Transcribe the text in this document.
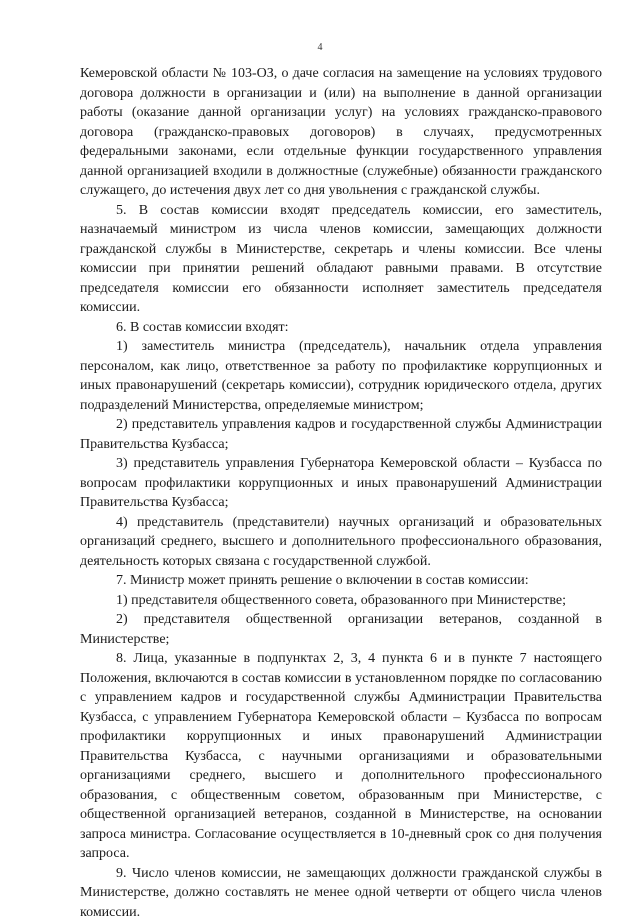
4

Кемеровской области № 103-ОЗ, о даче согласия на замещение на условиях трудового договора должности в организации и (или) на выполнение в данной организации работы (оказание данной организации услуг) на условиях гражданско-правового договора (гражданско-правовых договоров) в случаях, предусмотренных федеральными законами, если отдельные функции государственного управления данной организацией входили в должностные (служебные) обязанности гражданского служащего, до истечения двух лет со дня увольнения с гражданской службы.

5. В состав комиссии входят председатель комиссии, его заместитель, назначаемый министром из числа членов комиссии, замещающих должности гражданской службы в Министерстве, секретарь и члены комиссии. Все члены комиссии при принятии решений обладают равными правами. В отсутствие председателя комиссии его обязанности исполняет заместитель председателя комиссии.

6. В состав комиссии входят:

1) заместитель министра (председатель), начальник отдела управления персоналом, как лицо, ответственное за работу по профилактике коррупционных и иных правонарушений (секретарь комиссии), сотрудник юридического отдела, других подразделений Министерства, определяемые министром;

2) представитель управления кадров и государственной службы Администрации Правительства Кузбасса;

3) представитель управления Губернатора Кемеровской области – Кузбасса по вопросам профилактики коррупционных и иных правонарушений Администрации Правительства Кузбасса;

4) представитель (представители) научных организаций и образовательных организаций среднего, высшего и дополнительного профессионального образования, деятельность которых связана с государственной службой.

7. Министр может принять решение о включении в состав комиссии:

1) представителя общественного совета, образованного при Министерстве;

2) представителя общественной организации ветеранов, созданной в Министерстве;

8. Лица, указанные в подпунктах 2, 3, 4 пункта 6 и в пункте 7 настоящего Положения, включаются в состав комиссии в установленном порядке по согласованию с управлением кадров и государственной службы Администрации Правительства Кузбасса, с управлением Губернатора Кемеровской области – Кузбасса по вопросам профилактики коррупционных и иных правонарушений Администрации Правительства Кузбасса, с научными организациями и образовательными организациями среднего, высшего и дополнительного профессионального образования, с общественным советом, образованным при Министерстве, с общественной организацией ветеранов, созданной в Министерстве, на основании запроса министра. Согласование осуществляется в 10-дневный срок со дня получения запроса.

9. Число членов комиссии, не замещающих должности гражданской службы в Министерстве, должно составлять не менее одной четверти от общего числа членов комиссии.
